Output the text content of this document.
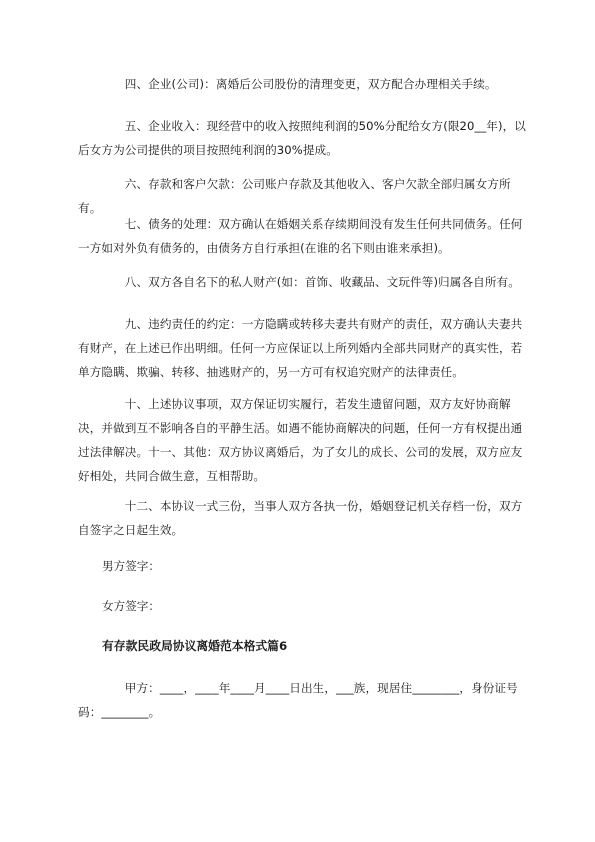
　　　　四、企业(公司)：离婚后公司股份的清理变更，双方配合办理相关手续。
　　　　五、企业收入：现经营中的收入按照纯利润的50%分配给女方(限20__年)，以后女方为公司提供的项目按照纯利润的30%提成。
　　　　六、存款和客户欠款：公司账户存款及其他收入、客户欠款全部归属女方所有。
　　　　七、债务的处理：双方确认在婚姻关系存续期间没有发生任何共同债务。任何一方如对外负有债务的，由债务方自行承担(在谁的名下则由谁来承担)。
　　　　八、双方各自名下的私人财产(如：首饰、收藏品、文玩件等)归属各自所有。
　　　　九、违约责任的约定：一方隐瞒或转移夫妻共有财产的责任，双方确认夫妻共有财产，在上述已作出明细。任何一方应保证以上所列婚内全部共同财产的真实性，若单方隐瞒、欺骗、转移、抽逃财产的，另一方可有权追究财产的法律责任。
　　　　十、上述协议事项，双方保证切实履行，若发生遗留问题，双方友好协商解决，并做到互不影响各自的平静生活。如遇不能协商解决的问题，任何一方有权提出通过法律解决。十一、其他：双方协议离婚后，为了女儿的成长、公司的发展，双方应友好相处，共同合做生意，互相帮助。
　　　　十二、本协议一式三份，当事人双方各执一份，婚姻登记机关存档一份，双方自签字之日起生效。
男方签字：
女方签字：
有存款民政局协议离婚范本格式篇6
　　　　甲方：____，____年____月____日出生，___族，现居住________，身份证号码：________。
